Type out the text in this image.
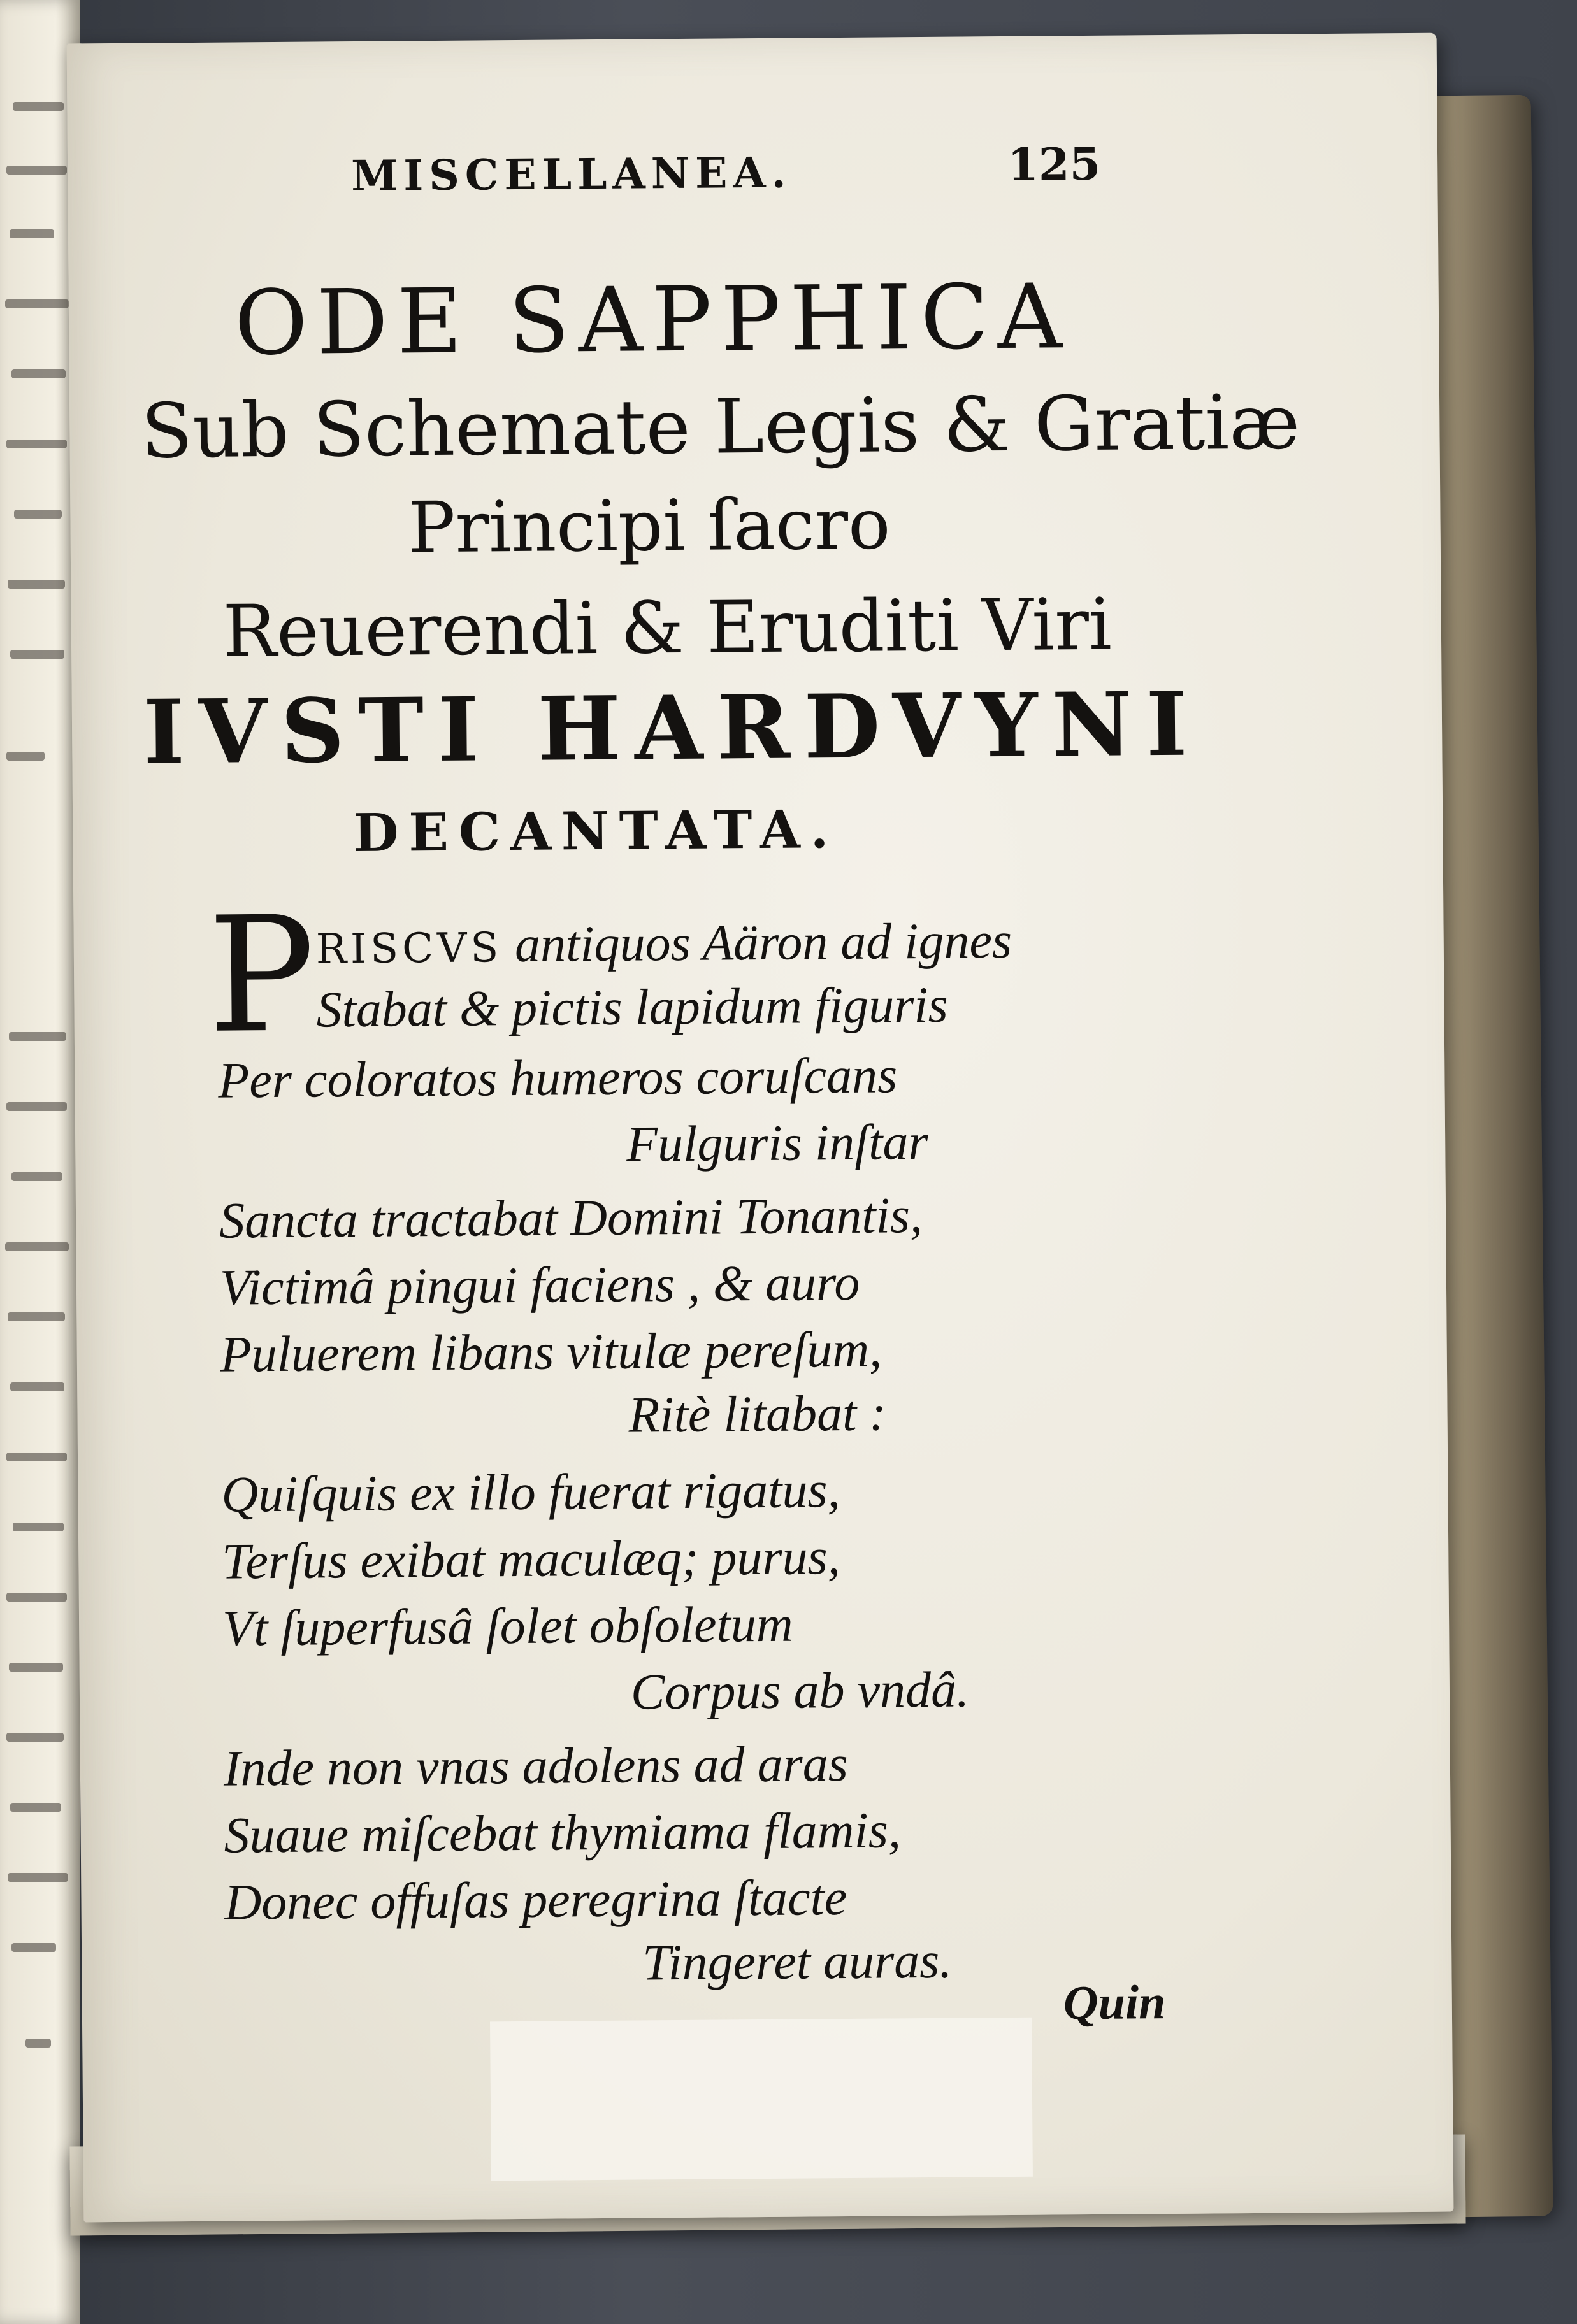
MISCELLANEA.	125
ODE SAPPHICA
Sub Schemate Legis & Gratiæ
Principi ſacro
Reuerendi & Eruditi Viri
IVSTI HARDVYNI
DECANTATA.
P RISCVS antiquos Aäron ad ignes
Stabat & pictis lapidum figuris
Per coloratos humeros coruſcans
Fulguris inſtar
Sancta tractabat Domini Tonantis,
Victimâ pingui faciens , & auro
Puluerem libans vitulæ pereſum,
Ritè litabat :
Quiſquis ex illo fuerat rigatus,
Terſus exibat maculæq; purus,
Vt ſuperfusâ ſolet obſoletum
Corpus ab vndâ.
Inde non vnas adolens ad aras
Suaue miſcebat thymiama flamis,
Donec offuſas peregrina ſtacte
Tingeret auras.
Quin
